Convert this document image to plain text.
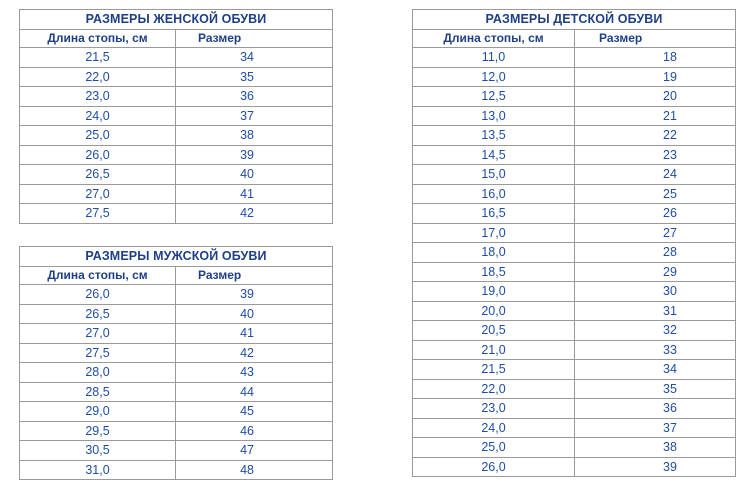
РАЗМЕРЫ ЖЕНСКОЙ ОБУВИ	
Длина стопы, см	Размер
21,5	34
22,0	35
23,0	36
24,0	37
25,0	38
26,0	39
26,5	40
27,0	41
27,5	42
РАЗМЕРЫ МУЖСКОЙ ОБУВИ	
Длина стопы, см	Размер
26,0	39
26,5	40
27,0	41
27,5	42
28,0	43
28,5	44
29,0	45
29,5	46
30,5	47
31,0	48
РАЗМЕРЫ ДЕТСКОЙ ОБУВИ	
Длина стопы, см	Размер
11,0	18
12,0	19
12,5	20
13,0	21
13,5	22
14,5	23
15,0	24
16,0	25
16,5	26
17,0	27
18,0	28
18,5	29
19,0	30
20,0	31
20,5	32
21,0	33
21,5	34
22,0	35
23,0	36
24,0	37
25,0	38
26,0	39
